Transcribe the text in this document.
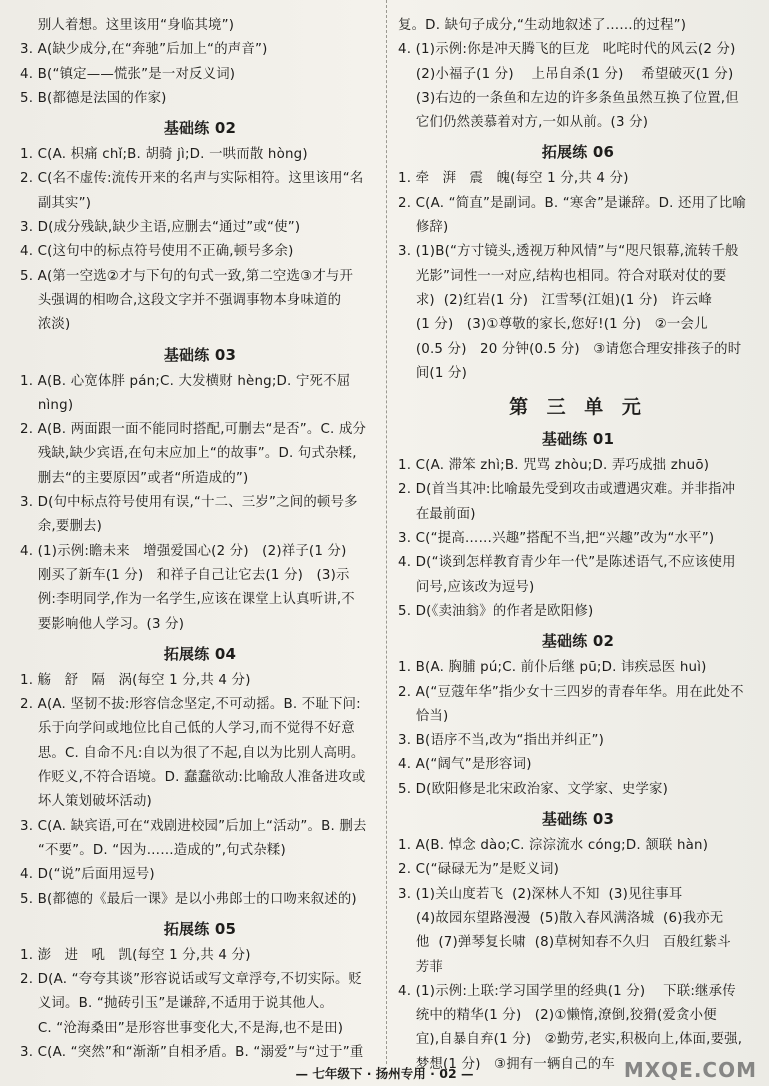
别人着想。这里该用“身临其境”)
3. A(缺少成分,在“奔驰”后加上“的声音”)
4. B(“镇定——慌张”是一对反义词)
5. B(都德是法国的作家)
基础练 02
1. C(A. 枳痛 chǐ;B. 胡骑 jì;D. 一哄而散 hòng)
2. C(名不虚传:流传开来的名声与实际相符。这里该用“名
副其实”)
3. D(成分残缺,缺少主语,应删去“通过”或“使”)
4. C(这句中的标点符号使用不正确,顿号多余)
5. A(第一空选②才与下句的句式一致,第二空选③才与开
头强调的相吻合,这段文字并不强调事物本身味道的
浓淡)
基础练 03
1. A(B. 心宽体胖 pán;C. 大发横财 hèng;D. 宁死不屈
nìng)
2. A(B. 两面跟一面不能同时搭配,可删去“是否”。C. 成分
残缺,缺少宾语,在句末应加上“的故事”。D. 句式杂糅,
删去“的主要原因”或者“所造成的”)
3. D(句中标点符号使用有误,“十二、三岁”之间的顿号多
余,要删去)
4. (1)示例:瞻未来   增强爱国心(2 分)   (2)祥子(1 分)
刚买了新车(1 分)   和祥子自己让它去(1 分)   (3)示
例:李明同学,作为一名学生,应该在课堂上认真听讲,不
要影响他人学习。(3 分)
拓展练 04
1. 觞   舒   隔   涡(每空 1 分,共 4 分)
2. A(A. 坚韧不拔:形容信念坚定,不可动摇。B. 不耻下问:
乐于向学问或地位比自己低的人学习,而不觉得不好意
思。C. 自命不凡:自以为很了不起,自以为比别人高明。
作贬义,不符合语境。D. 蠢蠢欲动:比喻敌人准备进攻或
坏人策划破坏活动)
3. C(A. 缺宾语,可在“戏剧进校园”后加上“活动”。B. 删去
“不要”。D. “因为……造成的”,句式杂糅)
4. D(“说”后面用逗号)
5. B(都德的《最后一课》是以小弗郎士的口吻来叙述的)
拓展练 05
1. 澎   进   吼   凯(每空 1 分,共 4 分)
2. D(A. “夸夸其谈”形容说话或写文章浮夸,不切实际。贬
义词。B. “抛砖引玉”是谦辞,不适用于说其他人。
C. “沧海桑田”是形容世事变化大,不是海,也不是田)
3. C(A. “突然”和“渐渐”自相矛盾。B. “溺爱”与“过于”重
复。D. 缺句子成分,“生动地叙述了……的过程”)
4. (1)示例:你是冲天腾飞的巨龙   叱咤时代的风云(2 分)
(2)小福子(1 分)    上吊自杀(1 分)    希望破灭(1 分)
(3)右边的一条鱼和左边的许多条鱼虽然互换了位置,但
它们仍然羡慕着对方,一如从前。(3 分)
拓展练 06
1. 牵   湃   震   魄(每空 1 分,共 4 分)
2. C(A. “简直”是副词。B. “寒舍”是谦辞。D. 还用了比喻
修辞)
3. (1)B(“方寸镜头,透视万种风情”与“咫尺银幕,流转千般
光影”词性一一对应,结构也相同。符合对联对仗的要
求)  (2)红岩(1 分)   江雪琴(江姐)(1 分)   许云峰
(1 分)   (3)①尊敬的家长,您好!(1 分)   ②一会儿
(0.5 分)   20 分钟(0.5 分)   ③请您合理安排孩子的时
间(1 分)
第 三 单 元
基础练 01
1. C(A. 滞笨 zhì;B. 咒骂 zhòu;D. 弄巧成拙 zhuō)
2. D(首当其冲:比喻最先受到攻击或遭遇灾难。并非指冲
在最前面)
3. C(“提高……兴趣”搭配不当,把“兴趣”改为“水平”)
4. D(“谈到怎样教育青少年一代”是陈述语气,不应该使用
问号,应该改为逗号)
5. D(《卖油翁》的作者是欧阳修)
基础练 02
1. B(A. 胸脯 pú;C. 前仆后继 pū;D. 讳疾忌医 huì)
2. A(“豆蔻年华”指少女十三四岁的青春年华。用在此处不
恰当)
3. B(语序不当,改为“指出并纠正”)
4. A(“阔气”是形容词)
5. D(欧阳修是北宋政治家、文学家、史学家)
基础练 03
1. A(B. 悼念 dào;C. 淙淙流水 cóng;D. 颔联 hàn)
2. C(“碌碌无为”是贬义词)
3. (1)关山度若飞  (2)深林人不知  (3)见往事耳
(4)故园东望路漫漫  (5)散入春风满洛城  (6)我亦无
他  (7)弹琴复长啸  (8)草树知春不久归   百般红紫斗
芳菲
4. (1)示例:上联:学习国学里的经典(1 分)    下联:继承传
统中的精华(1 分)   (2)①懒惰,潦倒,狡猾(爱贪小便
宜),自暴自弃(1 分)   ②勤劳,老实,积极向上,体面,要强,
梦想(1 分)   ③拥有一辆自己的车
— 七年级下 · 扬州专用 · 02 —	MXQE.COM
